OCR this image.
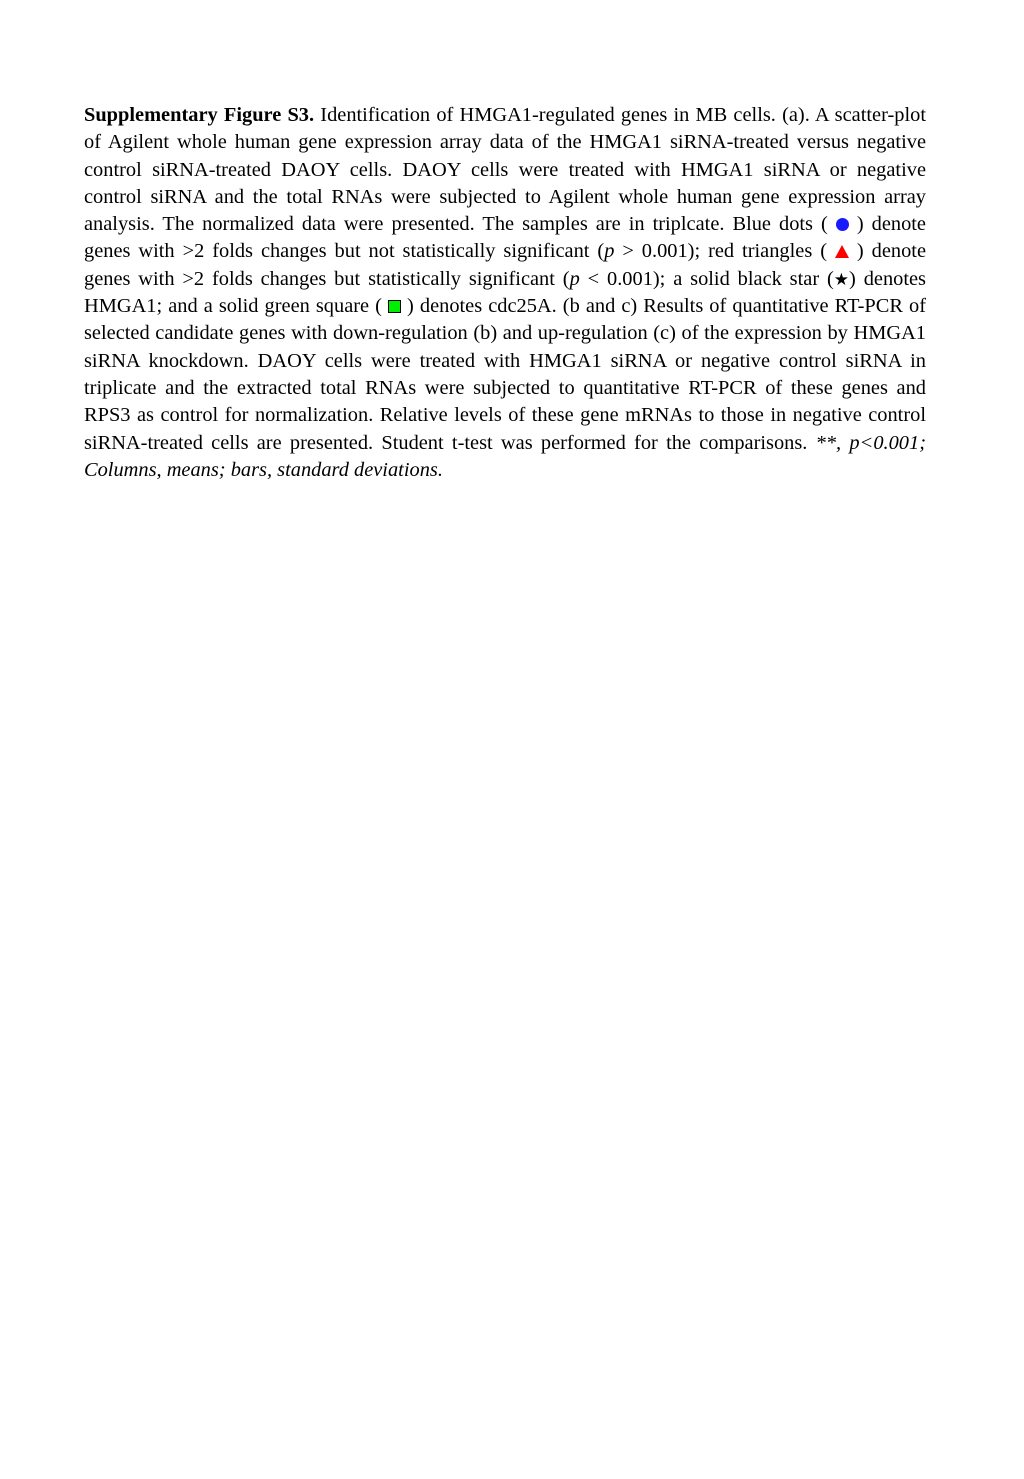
Supplementary Figure S3. Identification of HMGA1-regulated genes in MB cells. (a). A scatter-plot of Agilent whole human gene expression array data of the HMGA1 siRNA-treated versus negative control siRNA-treated DAOY cells. DAOY cells were treated with HMGA1 siRNA or negative control siRNA and the total RNAs were subjected to Agilent whole human gene expression array analysis. The normalized data were presented. The samples are in triplcate. Blue dots (  ) denote genes with >2 folds changes but not statistically significant (p > 0.001); red triangles (  ) denote genes with >2 folds changes but statistically significant (p < 0.001); a solid black star (★) denotes HMGA1; and a solid green square (  ) denotes cdc25A. (b and c) Results of quantitative RT-PCR of selected candidate genes with down-regulation (b) and up-regulation (c) of the expression by HMGA1 siRNA knockdown. DAOY cells were treated with HMGA1 siRNA or negative control siRNA in triplicate and the extracted total RNAs were subjected to quantitative RT-PCR of these genes and RPS3 as control for normalization. Relative levels of these gene mRNAs to those in negative control siRNA-treated cells are presented. Student t-test was performed for the comparisons. **, p<0.001; Columns, means; bars, standard deviations.
